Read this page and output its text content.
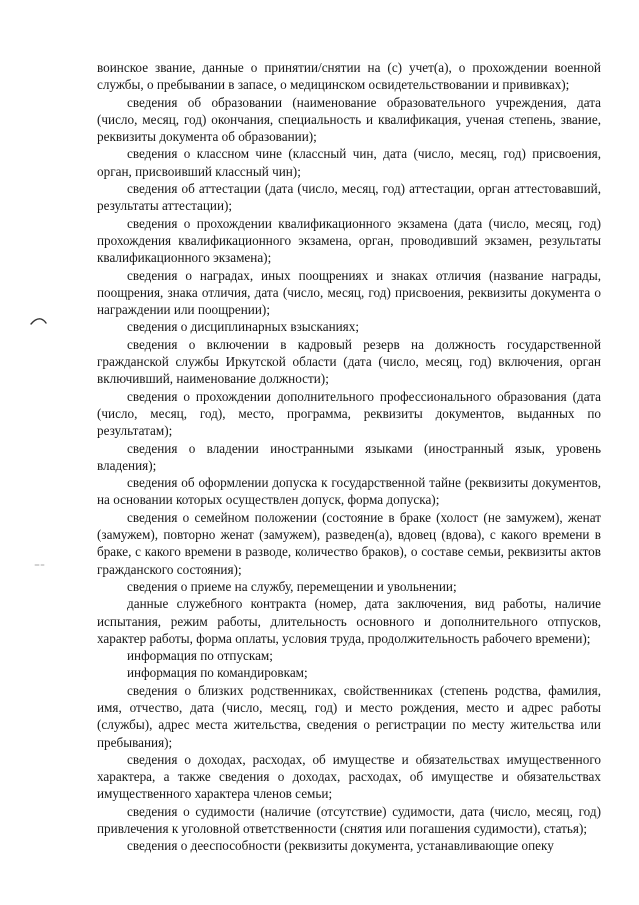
воинское звание, данные о принятии/снятии на (с) учет(а), о прохождении военной службы, о пребывании в запасе, о медицинском освидетельствовании и прививках);

сведения об образовании (наименование образовательного учреждения, дата (число, месяц, год) окончания, специальность и квалификация, ученая степень, звание, реквизиты документа об образовании);

сведения о классном чине (классный чин, дата (число, месяц, год) присвоения, орган, присвоивший классный чин);

сведения об аттестации (дата (число, месяц, год) аттестации, орган аттестовавший, результаты аттестации);

сведения о прохождении квалификационного экзамена (дата (число, месяц, год) прохождения квалификационного экзамена, орган, проводивший экзамен, результаты квалификационного экзамена);

сведения о наградах, иных поощрениях и знаках отличия (название награды, поощрения, знака отличия, дата (число, месяц, год) присвоения, реквизиты документа о награждении или поощрении);

сведения о дисциплинарных взысканиях;

сведения о включении в кадровый резерв на должность государственной гражданской службы Иркутской области (дата (число, месяц, год) включения, орган включивший, наименование должности);

сведения о прохождении дополнительного профессионального образования (дата (число, месяц, год), место, программа, реквизиты документов, выданных по результатам);

сведения о владении иностранными языками (иностранный язык, уровень владения);

сведения об оформлении допуска к государственной тайне (реквизиты документов, на основании которых осуществлен допуск, форма допуска);

сведения о семейном положении (состояние в браке (холост (не замужем), женат (замужем), повторно женат (замужем), разведен(а), вдовец (вдова), с какого времени в браке, с какого времени в разводе, количество браков), о составе семьи, реквизиты актов гражданского состояния);

сведения о приеме на службу, перемещении и увольнении;

данные служебного контракта (номер, дата заключения, вид работы, наличие испытания, режим работы, длительность основного и дополнительного отпусков, характер работы, форма оплаты, условия труда, продолжительность рабочего времени);

информация по отпускам;

информация по командировкам;

сведения о близких родственниках, свойственниках (степень родства, фамилия, имя, отчество, дата (число, месяц, год) и место рождения, место и адрес работы (службы), адрес места жительства, сведения о регистрации по месту жительства или пребывания);

сведения о доходах, расходах, об имуществе и обязательствах имущественного характера, а также сведения о доходах, расходах, об имуществе и обязательствах имущественного характера членов семьи;

сведения о судимости (наличие (отсутствие) судимости, дата (число, месяц, год) привлечения к уголовной ответственности (снятия или погашения судимости), статья);

сведения о дееспособности (реквизиты документа, устанавливающие опеку
